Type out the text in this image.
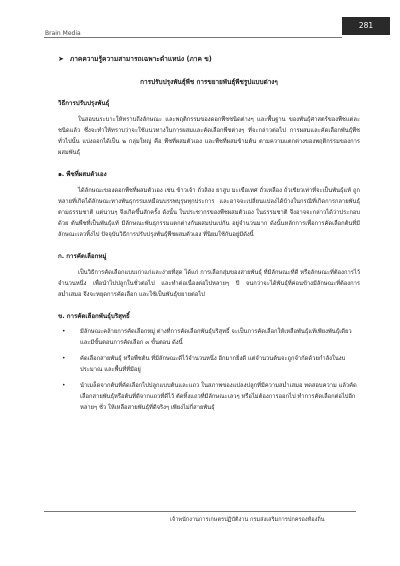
Brain Media
281
➤ ภาคความรู้ความสามารถเฉพาะตำแหน่ง (ภาค ข)
การปรับปรุงพันธุ์พืช การขยายพันธุ์พืชรูปแบบต่างๆ
วิธีการปรับปรุงพันธุ์

ในสอบนระบาะให้ทราบถึงลักษณะ และพฤติกรรมของดอกพืชชนิดต่างๆ และพื้นฐาน ของพันธุ์ศาสตร์ของพืชแต่ละชนิดแล้ว ซึ่งจะทำให้ทราบว่าจะใช้แนวทางในการผสมและคัดเลือกพืชต่างๆ ที่จะกล่าวต่อไป การผสมและคัดเลือกพันธุ์พืชทั่วไปนั้น แบ่งออกได้เป็น ๒ กลุ่มใหญ่ คือ พืชที่ผสมตัวเอง และพืชที่ผสมข้ามต้น ตามความแตกต่างของพฤติกรรมของการผสมพันธุ์

๑. พืชที่ผสมตัวเอง

ได้ลักษณะของดอกพืชที่ผสมตัวเอง เช่น ข้าวเจ้า ถั่วลิสง ยาสูบ มะเขือเทศ ถั่วเหลือง ถั่วเขียวเท่าที่จะเป็นพันธุ์แท้ ถูกหลายที่เกิดได้ลักษณะทางพันธุกรรมเหมือนบรรพบุรุษทุกประการ และอาจจะเปลี่ยนแปลงได้บ้างในกรณีที่เกิดการกลายพันธุ์ตามธรรมชาติ แต่นานๆ จึงเกิดขึ้นสักครั้ง ดังนั้น ในประชากรของพืชผสมตัวเอง ในธรรมชาติ จึงอาจจะกล่าวได้ว่าประกอบด้วย ต้นพืชที่เป็นพันธุ์แท้ มีลักษณะพันธุกรรมแตกต่างกันผสมปนเปกัน อยู่จำนวนมาก ดังนั้นหลักการเพื่อการคัดเลือกต้นที่มีลักษณะเลวทิ้งไป ปัจจุบันวิธีการปรับปรุงพันธุ์พืชผสมตัวเอง ที่นิยมใช้กันอยู่มีดังนี้

ก. การคัดเลือกหมู่

เป็นวิธีการคัดเลือกแบบเก่าแก่และง่ายที่สุด ได้แก่ การเลือกสุ่มของสายพันธุ์ ที่มีลักษณะที่ดี หรือลักษณะที่ต้องการไว้จำนวนหนึ่ง เพื่อนำไปปลูกในชั่วต่อไป และทำต่อเนื่องต่อไปหลายๆ ปี จนกว่าจะได้พันธุ์ที่ค่อนข้างมีลักษณะที่ต้องการสม่ำเสมอ จึงจะหยุดการคัดเลือก และใช้เป็นพันธุ์ขยายต่อไป

ข. การคัดเลือกพันธุ์บริสุทธิ์
•	มีลักษณะคล้ายการคัดเลือกหมู่ ต่างที่การคัดเลือกพันธุ์บริสุทธิ์ จะเป็นการคัดเลือกให้เหลือพันธุ์แท้เพียงพันธุ์เดียว และมีขั้นตอนการคัดเลือก ๓ ขั้นตอน ดังนี้
•	คัดเลือกสายพันธุ์ หรือพืชต้น ที่มีลักษณะดีไว้จำนวนหนึ่ง อีกมากยิ่งดี แต่จำนวนต้นจะถูกจำกัดด้วยกำลังในงบประมาณ และพื้นที่ที่มีอยู่
•	นำเมล็ดจากต้นที่คัดเลือกไปปลูกแบบต้นและแถว ในสภาพของแปลงปลูกที่มีความสม่ำเสมอ ทดสอบความ แล้วคัดเลือกสายพันธุ์หรือต้นที่ดีจากแถวที่ดีไว้ ตัดทิ้งแถวที่มีลักษณะเลวๆ หรือไม่ต้องการออกไป ทำการคัดเลือกต่อไปอีกหลายๆ ชั่ว ให้เหลือสายพันธุ์ที่ดีจริงๆ เพียงไม่กี่สายพันธุ์
เจ้าพนักงานการเกษตรปฏิบัติงาน กรมส่งเสริมการปกครองท้องถิ่น
